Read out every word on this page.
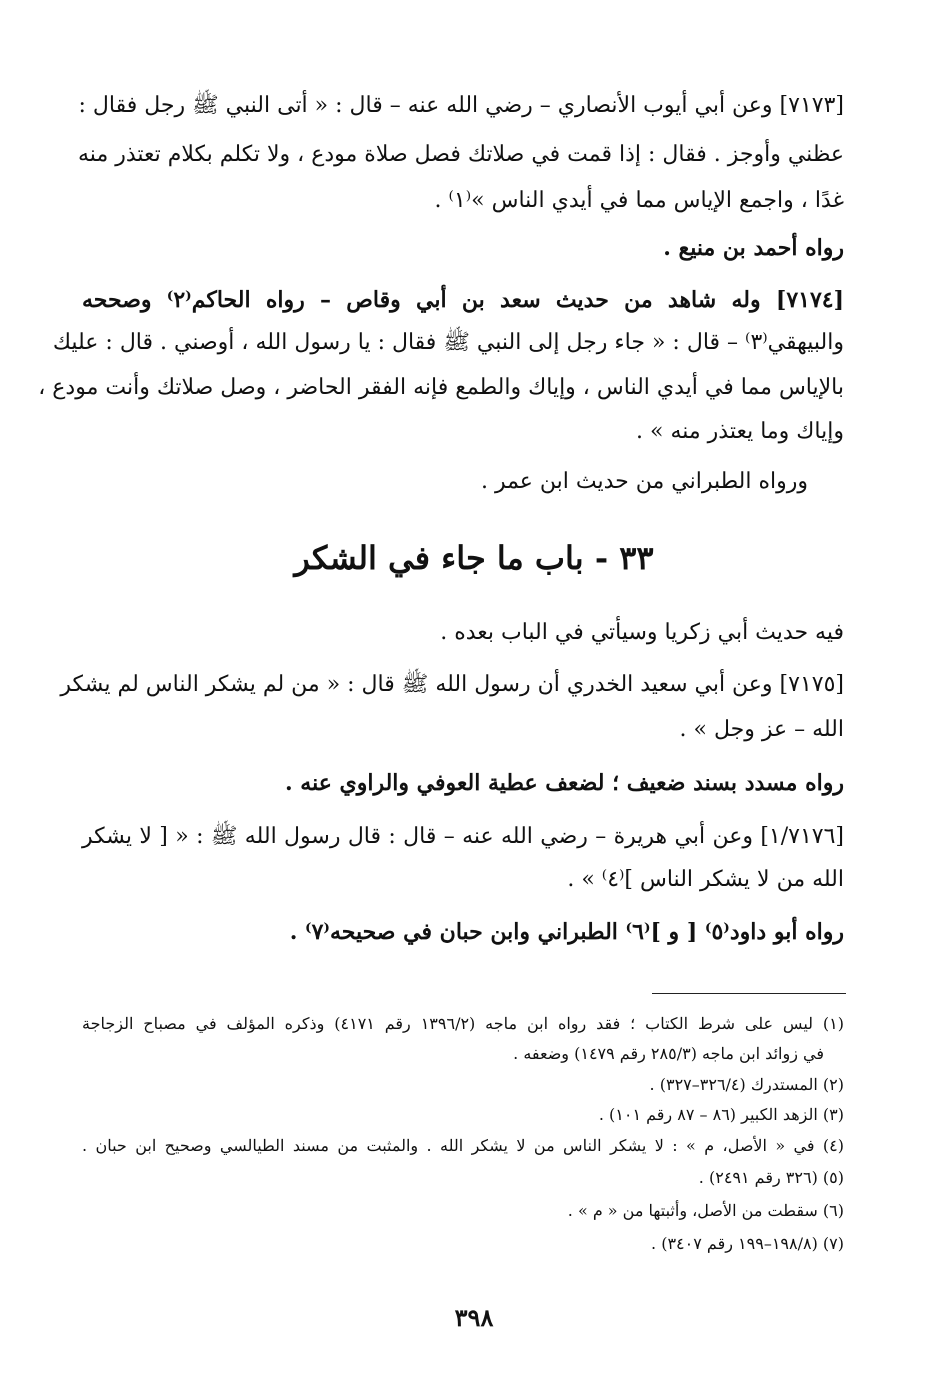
[٧١٧٣] وعن أبي أيوب الأنصاري – رضي الله عنه – قال : « أتى النبي ﷺ رجل فقال :
عظني وأوجز . فقال : إذا قمت في صلاتك فصل صلاة مودع ، ولا تكلم بكلام تعتذر منه
غدًا ، واجمع الإياس مما في أيدي الناس »⁽١⁾ .
رواه أحمد بن منيع .
[٧١٧٤] وله شاهد من حديث سعد بن أبي وقاص – رواه الحاكم⁽٢⁾ وصححه
والبيهقي⁽٣⁾ – قال : « جاء رجل إلى النبي ﷺ فقال : يا رسول الله ، أوصني . قال : عليك
بالإياس مما في أيدي الناس ، وإياك والطمع فإنه الفقر الحاضر ، وصل صلاتك وأنت مودع ،
وإياك وما يعتذر منه » .
ورواه الطبراني من حديث ابن عمر .
٣٣ - باب ما جاء في الشكر
فيه حديث أبي زكريا وسيأتي في الباب بعده .
[٧١٧٥] وعن أبي سعيد الخدري أن رسول الله ﷺ قال : « من لم يشكر الناس لم يشكر
الله – عز وجل » .
رواه مسدد بسند ضعيف ؛ لضعف عطية العوفي والراوي عنه .
[١/٧١٧٦] وعن أبي هريرة – رضي الله عنه – قال : قال رسول الله ﷺ : « [ لا يشكر
الله من لا يشكر الناس ]⁽٤⁾ » .
رواه أبو داود⁽٥⁾ [ و ]⁽٦⁾ الطبراني وابن حبان في صحيحه⁽٧⁾ .
(١) ليس على شرط الكتاب ؛ فقد رواه ابن ماجه (١٣٩٦/٢ رقم ٤١٧١) وذكره المؤلف في مصباح الزجاجة
في زوائد ابن ماجه (٢٨٥/٣ رقم ١٤٧٩) وضعفه .
(٢) المستدرك (٣٢٦/٤–٣٢٧) .
(٣) الزهد الكبير (٨٦ – ٨٧ رقم ١٠١) .
(٤) في « الأصل، م » : لا يشكر الناس من لا يشكر الله . والمثبت من مسند الطيالسي وصحيح ابن حبان .
(٥) (٣٢٦ رقم ٢٤٩١) .
(٦) سقطت من الأصل، وأثبتها من « م » .
(٧) (١٩٨/٨–١٩٩ رقم ٣٤٠٧) .
٣٩٨
